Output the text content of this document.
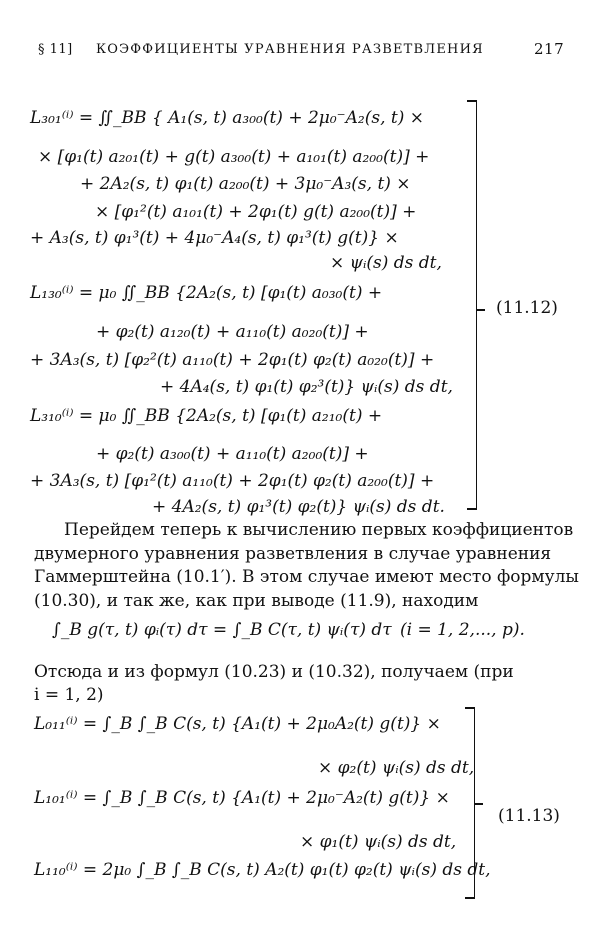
§ 11] КОЭФФИЦИЕНТЫ УРАВНЕНИЯ РАЗВЕТВЛЕНИЯ	217
L₃₀₁⁽ⁱ⁾ = ∬_BB { A₁(s, t) a₃₀₀(t) + 2μ₀⁻A₂(s, t) ×
× [φ₁(t) a₂₀₁(t) + g(t) a₃₀₀(t) + a₁₀₁(t) a₂₀₀(t)] +
+ 2A₂(s, t) φ₁(t) a₂₀₀(t) + 3μ₀⁻A₃(s, t) ×
× [φ₁²(t) a₁₀₁(t) + 2φ₁(t) g(t) a₂₀₀(t)] +
+ A₃(s, t) φ₁³(t) + 4μ₀⁻A₄(s, t) φ₁³(t) g(t)} ×
× ψᵢ(s) ds dt,
L₁₃₀⁽ⁱ⁾ = μ₀ ∬_BB {2A₂(s, t) [φ₁(t) a₀₃₀(t) +
+ φ₂(t) a₁₂₀(t) + a₁₁₀(t) a₀₂₀(t)] +
+ 3A₃(s, t) [φ₂²(t) a₁₁₀(t) + 2φ₁(t) φ₂(t) a₀₂₀(t)] +
+ 4A₄(s, t) φ₁(t) φ₂³(t)} ψᵢ(s) ds dt,
L₃₁₀⁽ⁱ⁾ = μ₀ ∬_BB {2A₂(s, t) [φ₁(t) a₂₁₀(t) +
+ φ₂(t) a₃₀₀(t) + a₁₁₀(t) a₂₀₀(t)] +
+ 3A₃(s, t) [φ₁²(t) a₁₁₀(t) + 2φ₁(t) φ₂(t) a₂₀₀(t)] +
+ 4A₂(s, t) φ₁³(t) φ₂(t)} ψᵢ(s) ds dt.
(11.12)
Перейдем теперь к вычислению первых коэффициентов
двумерного уравнения разветвления в случае уравнения
Гаммерштейна (10.1′). В этом случае имеют место формулы
(10.30), и так же, как при выводе (11.9), находим
∫_B g(τ, t) φᵢ(τ) dτ = ∫_B C(τ, t) ψᵢ(τ) dτ (i = 1, 2,..., p).
Отсюда и из формул (10.23) и (10.32), получаем (при
i = 1, 2)
L₀₁₁⁽ⁱ⁾ = ∫_B ∫_B C(s, t) {A₁(t) + 2μ₀A₂(t) g(t)} ×
× φ₂(t) ψᵢ(s) ds dt,
L₁₀₁⁽ⁱ⁾ = ∫_B ∫_B C(s, t) {A₁(t) + 2μ₀⁻A₂(t) g(t)} ×
× φ₁(t) ψᵢ(s) ds dt,
L₁₁₀⁽ⁱ⁾ = 2μ₀ ∫_B ∫_B C(s, t) A₂(t) φ₁(t) φ₂(t) ψᵢ(s) ds dt,
(11.13)
